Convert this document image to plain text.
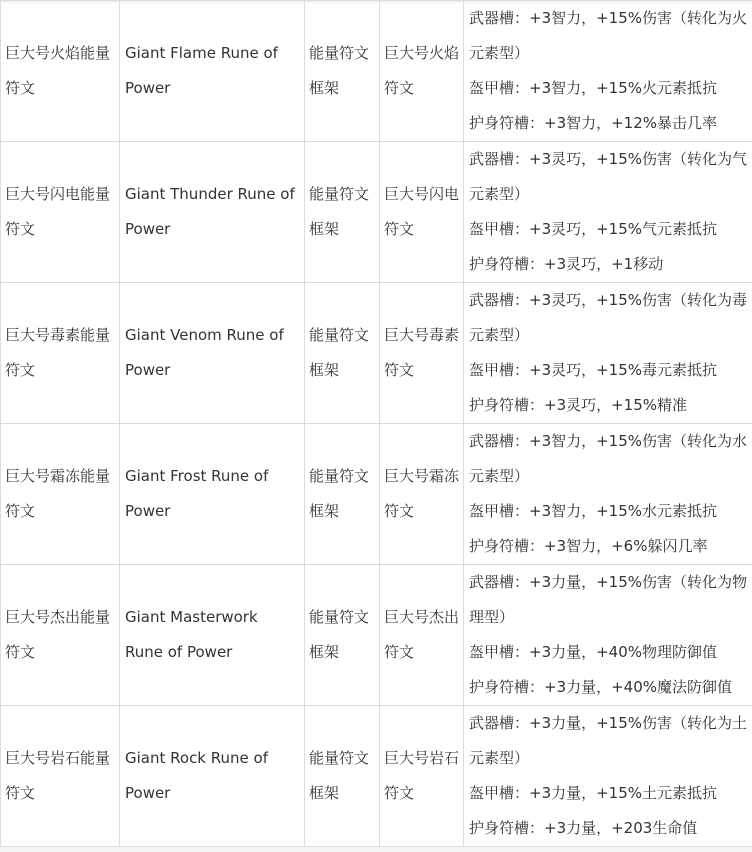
巨大号火焰能量符文	Giant Flame Rune of Power	能量符文框架	巨大号火焰符文	武器槽：+3智力，+15%伤害（转化为火元素型）
盔甲槽：+3智力，+15%火元素抵抗
护身符槽：+3智力，+12%暴击几率

巨大号闪电能量符文	Giant Thunder Rune of Power	能量符文框架	巨大号闪电符文	武器槽：+3灵巧，+15%伤害（转化为气元素型）
盔甲槽：+3灵巧，+15%气元素抵抗
护身符槽：+3灵巧，+1移动

巨大号毒素能量符文	Giant Venom Rune of Power	能量符文框架	巨大号毒素符文	武器槽：+3灵巧，+15%伤害（转化为毒元素型）
盔甲槽：+3灵巧，+15%毒元素抵抗
护身符槽：+3灵巧，+15%精准

巨大号霜冻能量符文	Giant Frost Rune of Power	能量符文框架	巨大号霜冻符文	武器槽：+3智力，+15%伤害（转化为水元素型）
盔甲槽：+3智力，+15%水元素抵抗
护身符槽：+3智力，+6%躲闪几率

巨大号杰出能量符文	Giant Masterwork Rune of Power	能量符文框架	巨大号杰出符文	武器槽：+3力量，+15%伤害（转化为物理型）
盔甲槽：+3力量，+40%物理防御值
护身符槽：+3力量，+40%魔法防御值

巨大号岩石能量符文	Giant Rock Rune of Power	能量符文框架	巨大号岩石符文	武器槽：+3力量，+15%伤害（转化为土元素型）
盔甲槽：+3力量，+15%土元素抵抗
护身符槽：+3力量，+203生命值
